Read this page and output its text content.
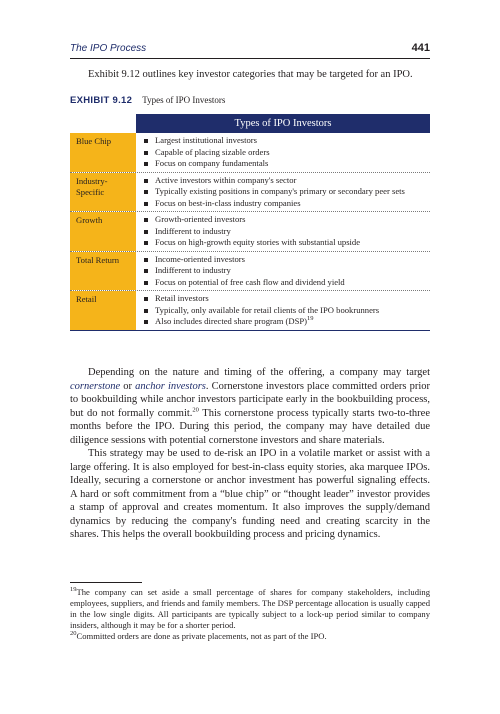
The IPO Process	441

Exhibit 9.12 outlines key investor categories that may be targeted for an IPO.

EXHIBIT 9.12 Types of IPO Investors
Types of IPO Investors
Blue Chip	Largest institutional investors
Capable of placing sizable orders
Focus on company fundamentals
Industry-Specific
Active investors within company's sector
Typically existing positions in company's primary or secondary peer sets
Focus on best-in-class industry companies
Growth	Growth-oriented investors
Indifferent to industry
Focus on high-growth equity stories with substantial upside
Total Return	Income-oriented investors
Indifferent to industry
Focus on potential of free cash flow and dividend yield
Retail	Retail investors
Typically, only available for retail clients of the IPO bookrunners
Also includes directed share program (DSP)$^{19}$

Depending on the nature and timing of the offering, a company may target cornerstone or anchor investors. Cornerstone investors place committed orders prior to bookbuilding while anchor investors participate early in the bookbuilding process, but do not formally commit.$^{20}$ This cornerstone process typically starts two-to-three months before the IPO. During this period, the company may have detailed due diligence sessions with potential cornerstone investors and share materials.

This strategy may be used to de-risk an IPO in a volatile market or assist with a large offering. It is also employed for best-in-class equity stories, aka marquee IPOs. Ideally, securing a cornerstone or anchor investment has powerful signaling effects. A hard or soft commitment from a “blue chip” or “thought leader” investor provides a stamp of approval and creates momentum. It also improves the supply/demand dynamics by reducing the company's funding need and creating scarcity in the shares. This helps the overall bookbuilding process and pricing dynamics.

$^{19}$The company can set aside a small percentage of shares for company stakeholders, including employees, suppliers, and friends and family members. The DSP percentage allocation is usually capped in the low single digits. All participants are typically subject to a lock-up period similar to company insiders, although it may be for a shorter period.

$^{20}$Committed orders are done as private placements, not as part of the IPO.
